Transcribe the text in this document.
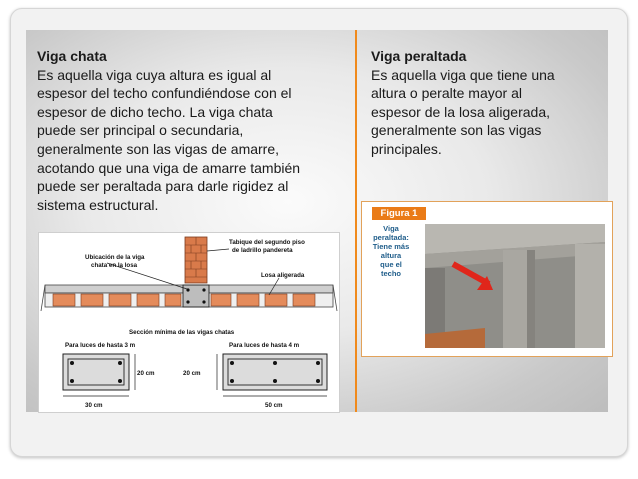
Viga chata
Es aquella viga cuya altura es igual al
espesor del techo confundiéndose con el
espesor de dicho techo. La viga chata
puede ser principal o secundaria,
generalmente son las vigas de amarre,
acotando que una viga de amarre también
puede ser peraltada para darle rigidez al
sistema estructural.
Viga peraltada
Es aquella viga que tiene una
altura o peralte mayor al
espesor de la losa aligerada,
generalmente son las vigas
principales.
Ubicación de la viga
chata en la losa
Tabique del segundo piso
de ladrillo pandereta
Losa aligerada
Sección mínima de las vigas chatas
Para luces de hasta 3 m	Para luces de hasta 4 m
20 cm
30 cm
20 cm
50 cm
Figura 1
Viga
peraltada:
Tiene más
altura
que el
techo
